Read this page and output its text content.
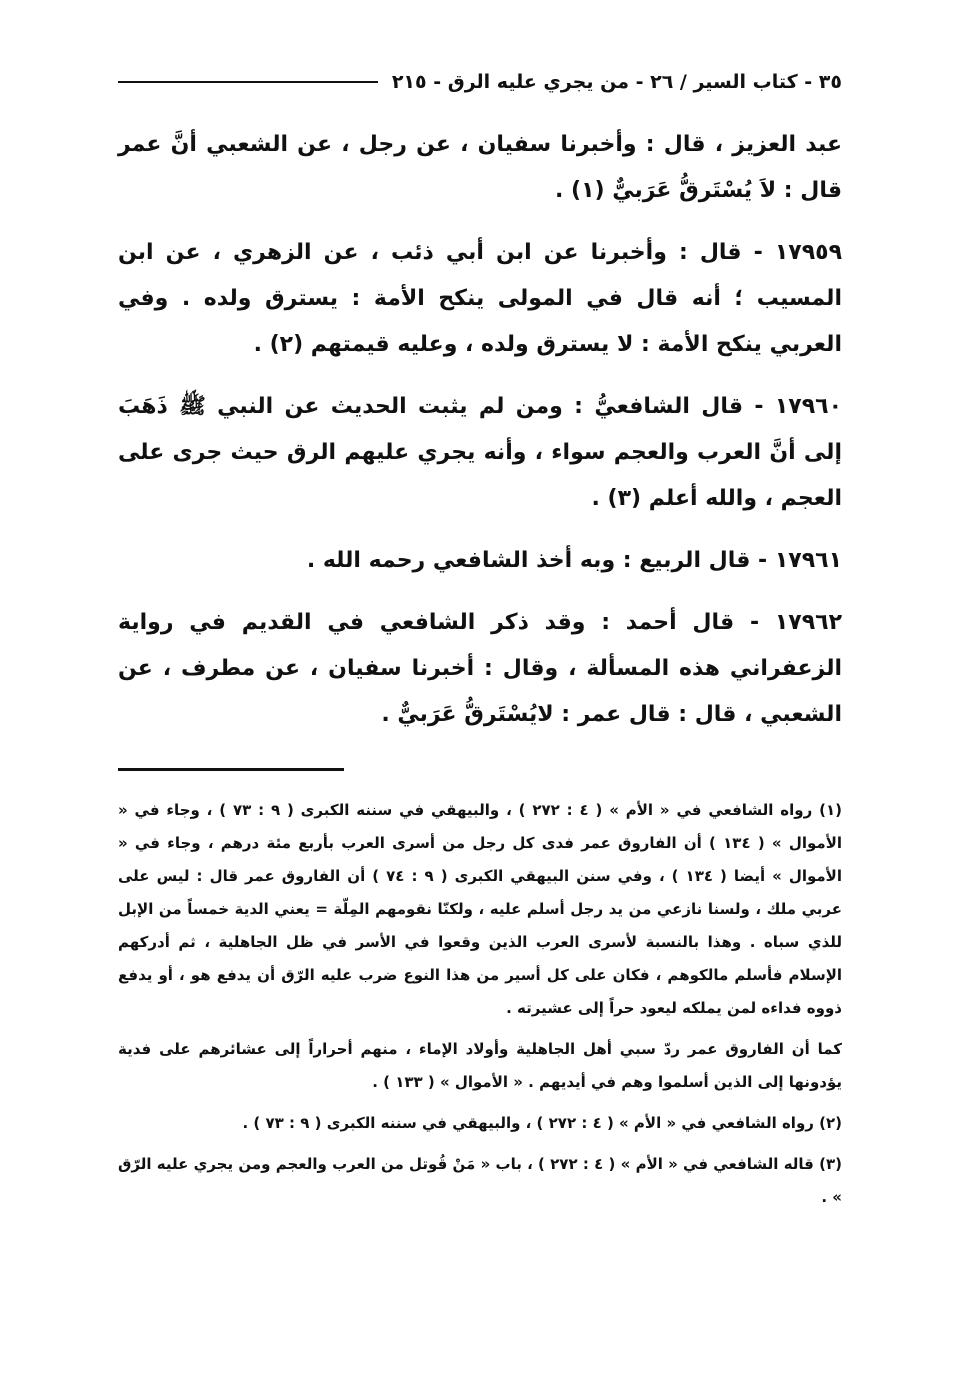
٣٥ - كتاب السير / ٢٦ - من يجري عليه الرق - ٢١٥

عبد العزيز ، قال : وأخبرنا سفيان ، عن رجل ، عن الشعبي أنَّ عمر قال : لاَ يُسْتَرقُّ عَرَبيٌّ (١) .

١٧٩٥٩ - قال : وأخبرنا عن ابن أبي ذئب ، عن الزهري ، عن ابن المسيب ؛ أنه قال في المولى ينكح الأمة : يسترق ولده . وفي العربي ينكح الأمة : لا يسترق ولده ، وعليه قيمتهم (٢) .

١٧٩٦٠ - قال الشافعيُّ : ومن لم يثبت الحديث عن النبي ﷺ ذَهَبَ إلى أنَّ العرب والعجم سواء ، وأنه يجري عليهم الرق حيث جرى على العجم ، والله أعلم (٣) .

١٧٩٦١ - قال الربيع : وبه أخذ الشافعي رحمه الله .

١٧٩٦٢ - قال أحمد : وقد ذكر الشافعي في القديم في رواية الزعفراني هذه المسألة ، وقال : أخبرنا سفيان ، عن مطرف ، عن الشعبي ، قال : قال عمر : لايُسْتَرقُّ عَرَبيٌّ .

(١) رواه الشافعي في « الأم » ( ٤ : ٢٧٢ ) ، والبيهقي في سننه الكبرى ( ٩ : ٧٣ ) ، وجاء في « الأموال » ( ١٣٤ ) أن الفاروق عمر فدى كل رجل من أسرى العرب بأربع مئة درهم ، وجاء في « الأموال » أيضا ( ١٣٤ ) ، وفي سنن البيهقي الكبرى ( ٩ : ٧٤ ) أن الفاروق عمر قال : ليس على عربي ملك ، ولسنا نازعي من يد رجل أسلم عليه ، ولكنّا نقومهم المِلّة = يعني الدية خمساً من الإبل للذي سباه . وهذا بالنسبة لأسرى العرب الذين وقعوا في الأسر في ظل الجاهلية ، ثم أدركهم الإسلام فأسلم مالكوهم ، فكان على كل أسير من هذا النوع ضرب عليه الرّق أن يدفع هو ، أو يدفع ذووه فداءه لمن يملكه ليعود حراً إلى عشيرته .

كما أن الفاروق عمر ردّ سبي أهل الجاهلية وأولاد الإماء ، منهم أحراراً إلى عشائرهم على فدية يؤدونها إلى الذين أسلموا وهم في أيديهم . « الأموال » ( ١٣٣ ) .

(٢) رواه الشافعي في « الأم » ( ٤ : ٢٧٢ ) ، والبيهقي في سننه الكبرى ( ٩ : ٧٣ ) .

(٣) قاله الشافعي في « الأم » ( ٤ : ٢٧٢ ) ، باب « مَنْ قُوتل من العرب والعجم ومن يجري عليه الرّق » .
